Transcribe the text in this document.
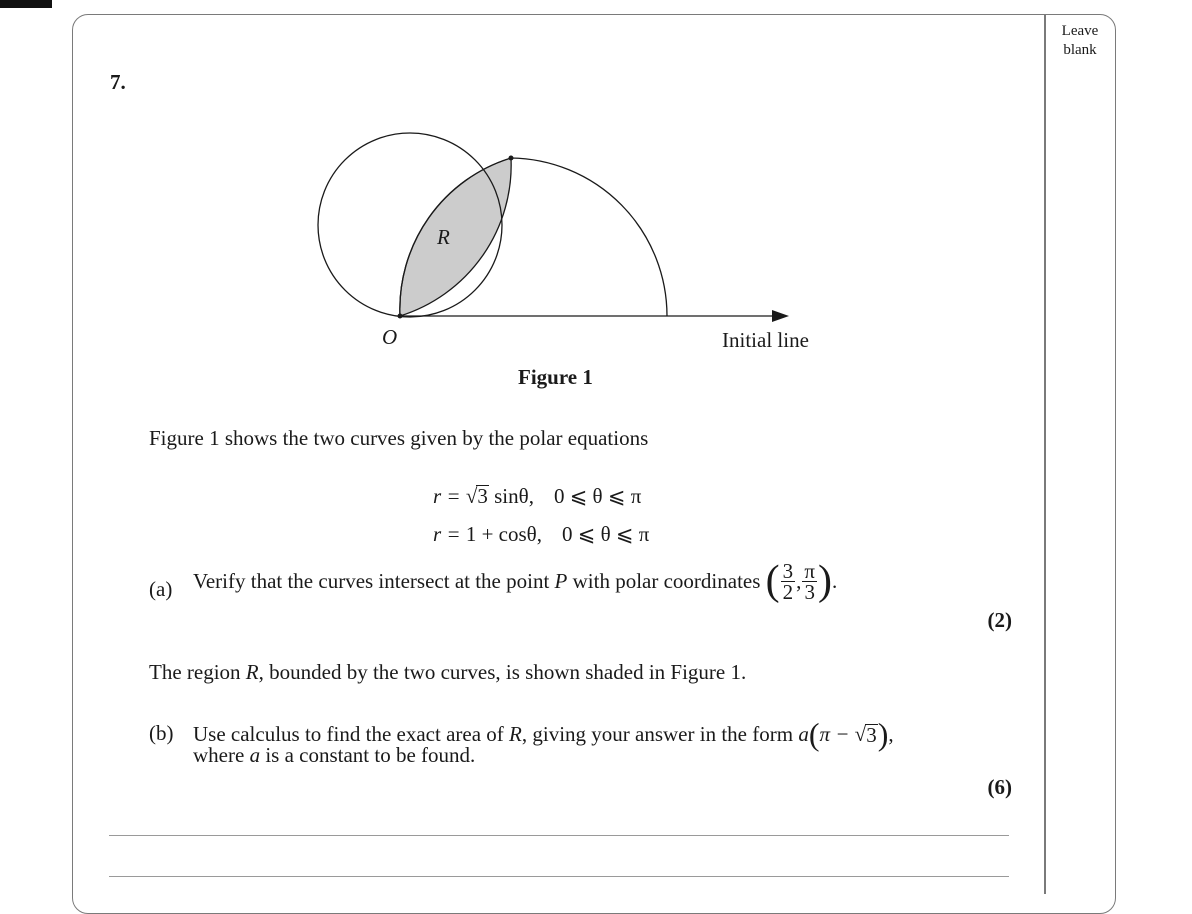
Leave
blank
7.
R
O	Initial line
Figure 1
Figure 1 shows the two curves given by the polar equations
r = √3 sinθ, 0 ⩽ θ ⩽ π
r = 1 + cosθ, 0 ⩽ θ ⩽ π
(a) Verify that the curves intersect at the point P with polar coordinates ( $\frac{3}{2}$ , $\frac{\pi}{3}$ ).
(2)
The region R, bounded by the two curves, is shown shaded in Figure 1.
(b) Use calculus to find the exact area of R, giving your answer in the form a(π − √3),
where a is a constant to be found.
(6)
